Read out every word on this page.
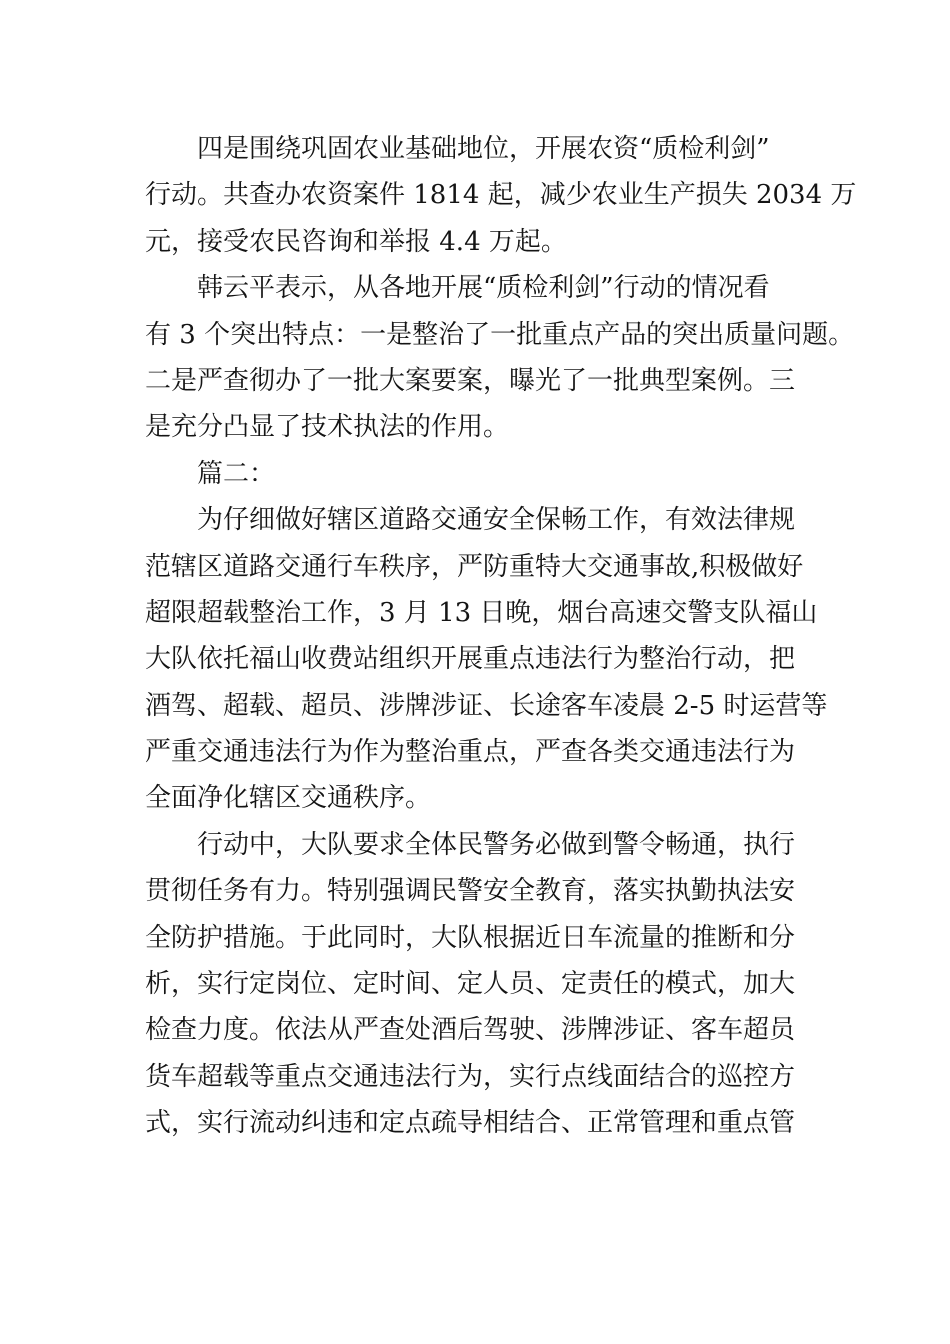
四是围绕巩固农业基础地位，开展农资“质检利剑”
行动。共查办农资案件 1814 起，减少农业生产损失 2034 万
元，接受农民咨询和举报 4.4 万起。
韩云平表示，从各地开展“质检利剑”行动的情况看
有 3 个突出特点：一是整治了一批重点产品的突出质量问题。
二是严查彻办了一批大案要案，曝光了一批典型案例。三
是充分凸显了技术执法的作用。
篇二：
为仔细做好辖区道路交通安全保畅工作，有效法律规
范辖区道路交通行车秩序，严防重特大交通事故,积极做好
超限超载整治工作，3 月 13 日晚，烟台高速交警支队福山
大队依托福山收费站组织开展重点违法行为整治行动，把
酒驾、超载、超员、涉牌涉证、长途客车凌晨 2-5 时运营等
严重交通违法行为作为整治重点，严查各类交通违法行为
全面净化辖区交通秩序。
行动中，大队要求全体民警务必做到警令畅通，执行
贯彻任务有力。特别强调民警安全教育，落实执勤执法安
全防护措施。于此同时，大队根据近日车流量的推断和分
析，实行定岗位、定时间、定人员、定责任的模式，加大
检查力度。依法从严查处酒后驾驶、涉牌涉证、客车超员
货车超载等重点交通违法行为，实行点线面结合的巡控方
式，实行流动纠违和定点疏导相结合、正常管理和重点管
